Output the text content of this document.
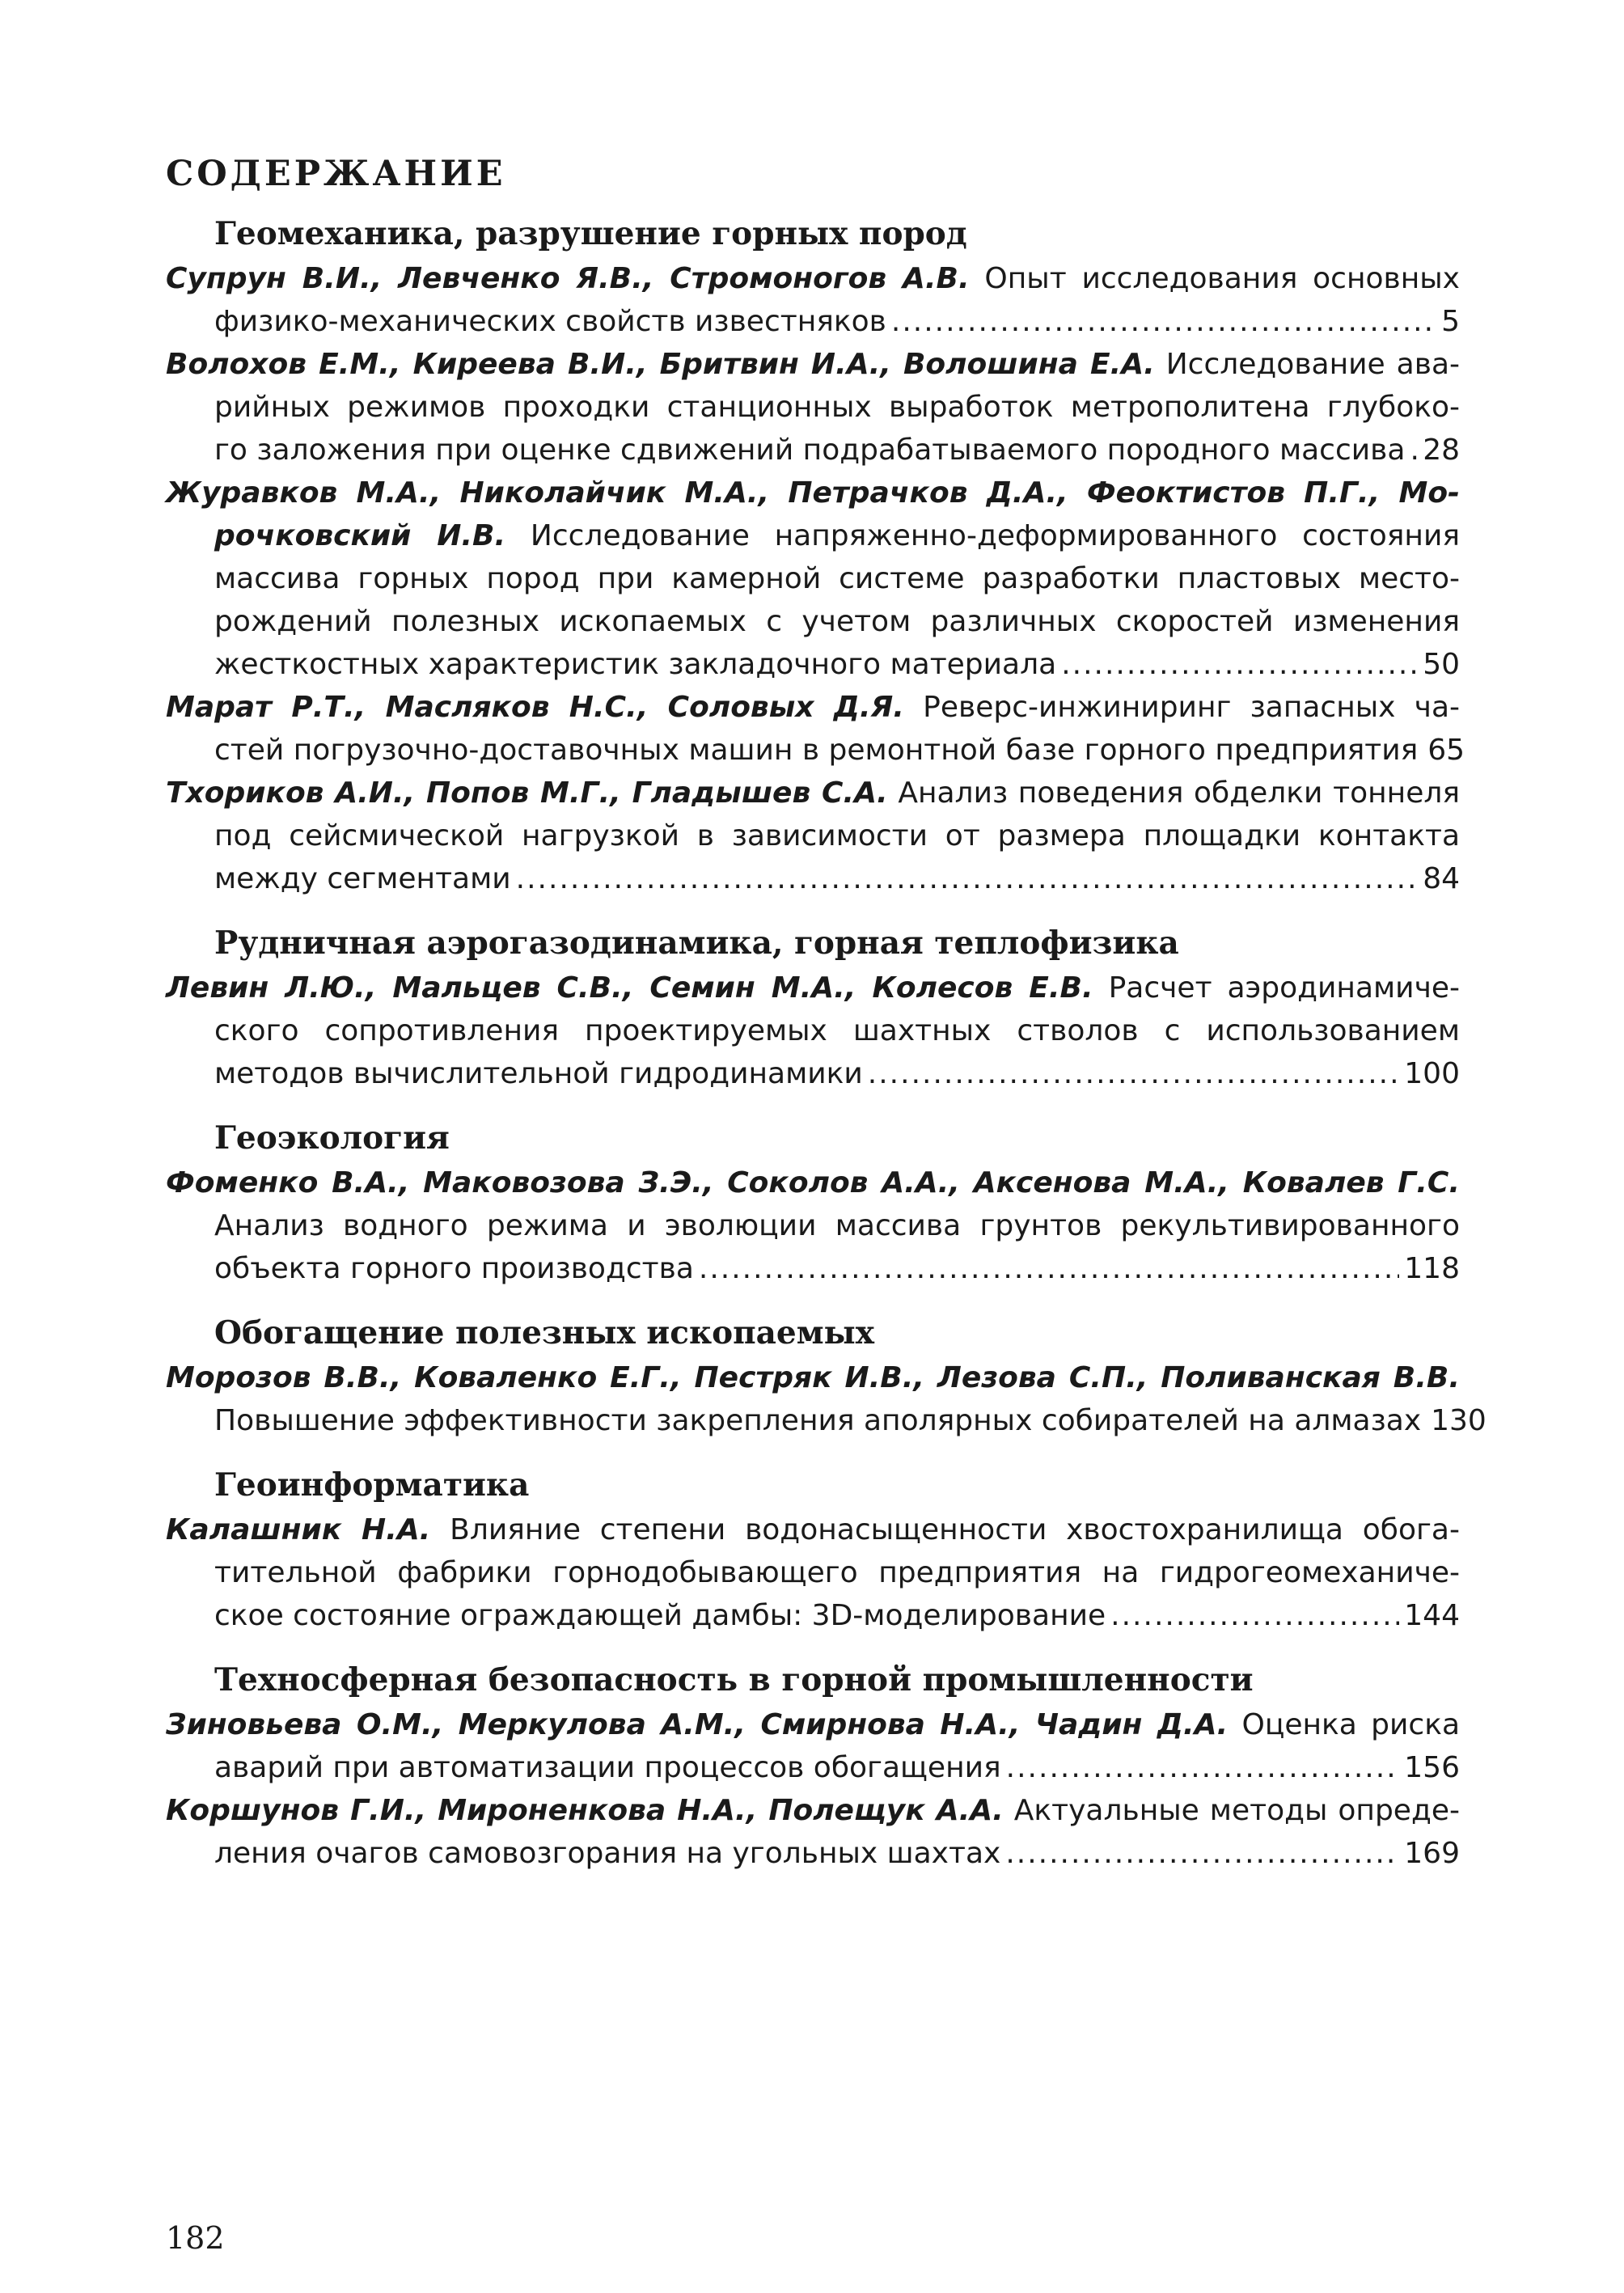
СОДЕРЖАНИЕ
Геомеханика, разрушение горных пород
Супрун В.И., Левченко Я.В., Стромоногов А.В. Опыт исследования основных
физико-механических свойств известняков .....	5
Волохов Е.М., Киреева В.И., Бритвин И.А., Волошина Е.А. Исследование ава-
рийных режимов проходки станционных выработок метрополитена глубоко-
го заложения при оценке сдвижений подрабатываемого породного массива ..... 28
Журавков М.А., Николайчик М.А., Петрачков Д.А., Феоктистов П.Г., Мо-
рочковский И.В. Исследование напряженно-деформированного состояния
массива горных пород при камерной системе разработки пластовых место-
рождений полезных ископаемых с учетом различных скоростей изменения
жесткостных характеристик закладочного материала .....	50
Марат Р.Т., Масляков Н.С., Соловых Д.Я. Реверс-инжиниринг запасных ча-
стей погрузочно-доставочных машин в ремонтной базе горного предприятия 65
Тхориков А.И., Попов М.Г., Гладышев С.А. Анализ поведения обделки тоннеля
под сейсмической нагрузкой в зависимости от размера площадки контакта
между сегментами .....	84
Рудничная аэрогазодинамика, горная теплофизика
Левин Л.Ю., Мальцев С.В., Семин М.А., Колесов Е.В. Расчет аэродинамиче-
ского сопротивления проектируемых шахтных стволов с использованием
методов вычислительной гидродинамики .....	100
Геоэкология
Фоменко В.А., Маковозова З.Э., Соколов А.А., Аксенова М.А., Ковалев Г.С.
Анализ водного режима и эволюции массива грунтов рекультивированного
объекта горного производства .....	118
Обогащение полезных ископаемых
Морозов В.В., Коваленко Е.Г., Пестряк И.В., Лезова С.П., Поливанская В.В.
Повышение эффективности закрепления аполярных собирателей на алмазах 130
Геоинформатика
Калашник Н.А. Влияние степени водонасыщенности хвостохранилища обога-
тительной фабрики горнодобывающего предприятия на гидрогеомеханиче-
ское состояние ограждающей дамбы: 3D-моделирование .....	144
Техносферная безопасность в горной промышленности
Зиновьева О.М., Меркулова А.М., Смирнова Н.А., Чадин Д.А. Оценка риска
аварий при автоматизации процессов обогащения .....	156
Коршунов Г.И., Мироненкова Н.А., Полещук А.А. Актуальные методы опреде-
ления очагов самовозгорания на угольных шахтах .....	169
182
